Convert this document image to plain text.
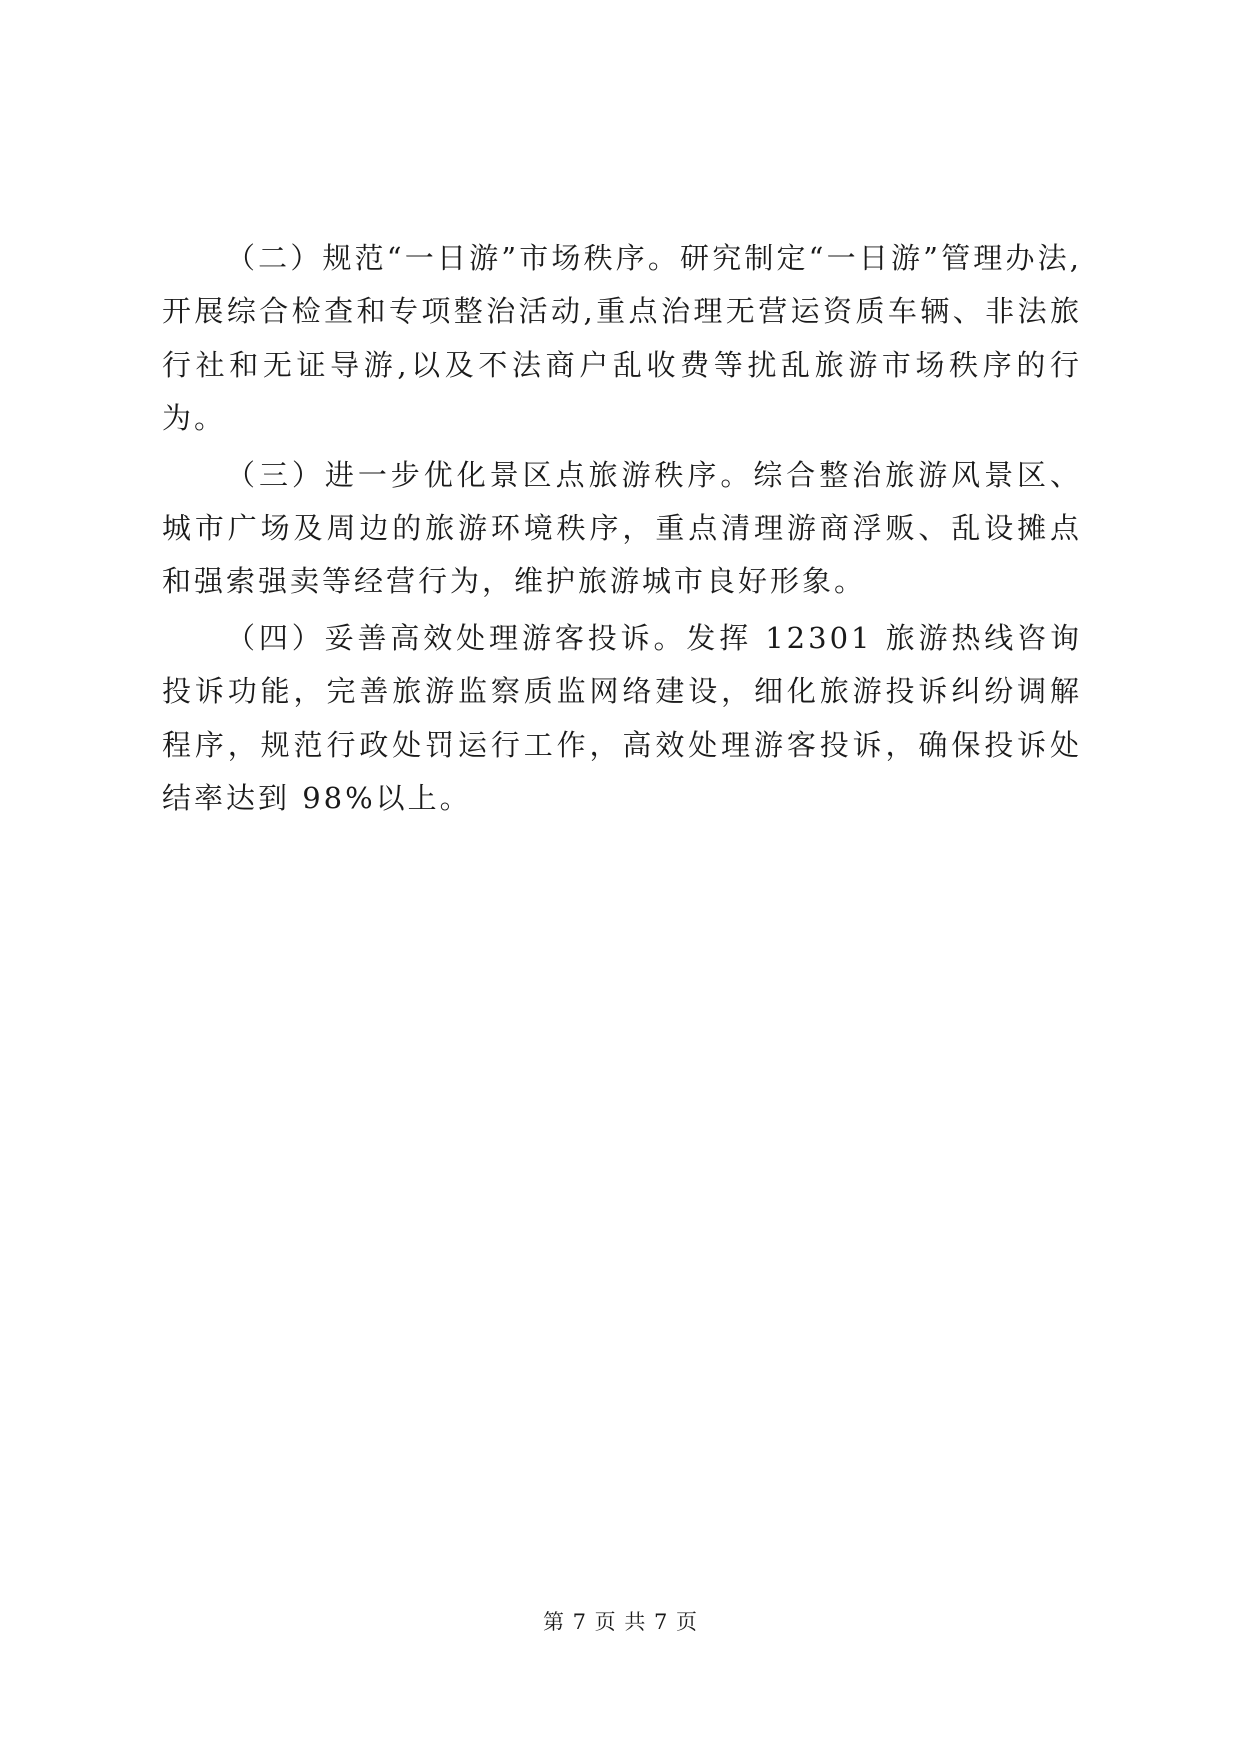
（二）规范“一日游”市场秩序。研究制定“一日游”管理办法,开展综合检查和专项整治活动,重点治理无营运资质车辆、非法旅行社和无证导游,以及不法商户乱收费等扰乱旅游市场秩序的行为。

（三）进一步优化景区点旅游秩序。综合整治旅游风景区、城市广场及周边的旅游环境秩序，重点清理游商浮贩、乱设摊点和强索强卖等经营行为，维护旅游城市良好形象。

（四）妥善高效处理游客投诉。发挥 12301 旅游热线咨询投诉功能，完善旅游监察质监网络建设，细化旅游投诉纠纷调解程序，规范行政处罚运行工作，高效处理游客投诉，确保投诉处结率达到 98%以上。

第 7 页 共 7 页
